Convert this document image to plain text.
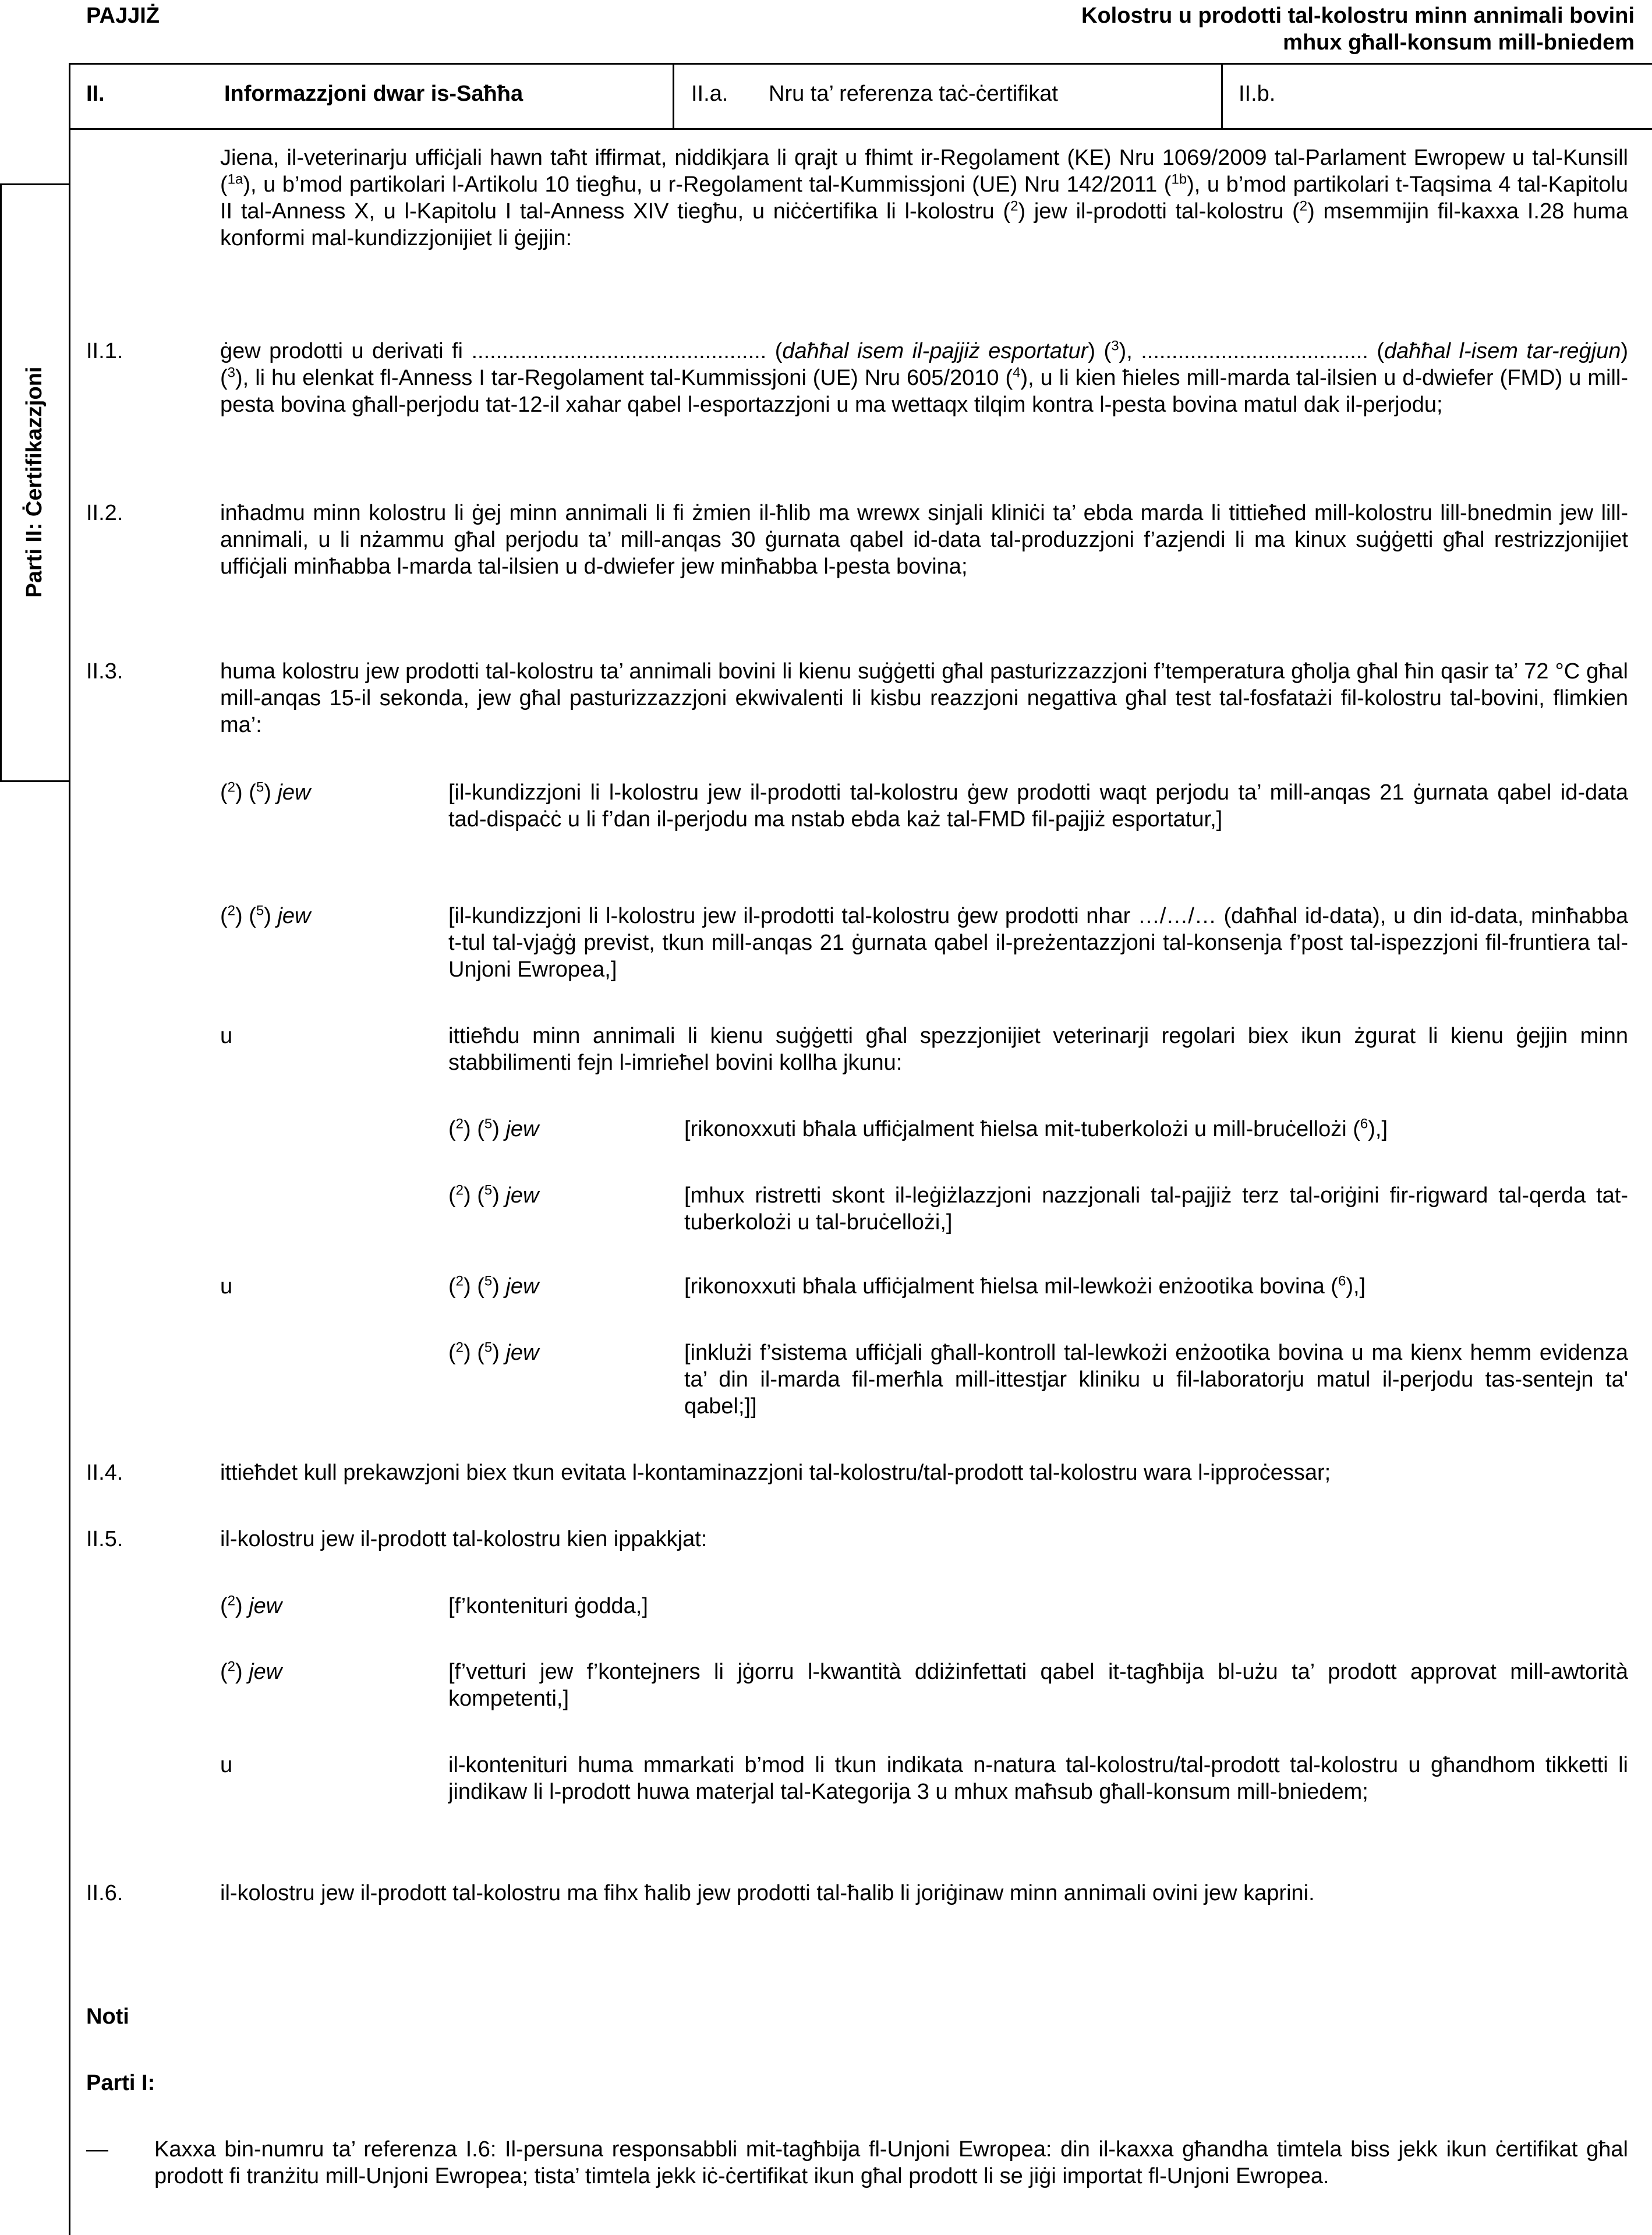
PAJJIŻ	Kolostru u prodotti tal-kolostru minn annimali bovini
mhux għall-konsum mill-bniedem
II.	Informazzjoni dwar is-Saħħa	II.a. Nru ta’ referenza taċ-ċertifikat	II.b.
Parti II: Ċertifikazzjoni
Jiena, il-veterinarju uffiċjali hawn taħt iffirmat, niddikjara li qrajt u fhimt ir-Regolament (KE) Nru 1069/2009 tal-Parlament Ewropew u tal-Kunsill ($^{1a}$), u b’mod partikolari l-Artikolu 10 tiegħu, u r-Regolament tal-Kummissjoni (UE) Nru 142/2011 ($^{1b}$), u b’mod partikolari t-Taqsima 4 tal-Kapitolu II tal-Anness X, u l-Kapitolu I tal-Anness XIV tiegħu, u niċċertifika li l-kolostru ($^2$) jew il-prodotti tal-kolostru ($^2$) msemmijin fil-kaxxa I.28 huma konformi mal-kundizzjonijiet li ġejjin:
II.1.	ġew prodotti u derivati fi ................................................ (daħħal isem il-pajjiż esportatur) ($^3$), ..................................... (daħħal l-isem tar-reġjun) ($^3$), li hu elenkat fl-Anness I tar-Regolament tal-Kummissjoni (UE) Nru 605/2010 ($^4$), u li kien ħieles mill-marda tal-ilsien u d-dwiefer (FMD) u mill-pesta bovina għall-perjodu tat-12-il xahar qabel l-esportazzjoni u ma wettaqx tilqim kontra l-pesta bovina matul dak il-perjodu;
II.2.	inħadmu minn kolostru li ġej minn annimali li fi żmien il-ħlib ma wrewx sinjali kliniċi ta’ ebda marda li tittieħed mill-kolostru lill-bnedmin jew lill-annimali, u li nżammu għal perjodu ta’ mill-anqas 30 ġurnata qabel id-data tal-produzzjoni f’azjendi li ma kinux suġġetti għal restrizzjonijiet uffiċjali minħabba l-marda tal-ilsien u d-dwiefer jew minħabba l-pesta bovina;
II.3.	huma kolostru jew prodotti tal-kolostru ta’ annimali bovini li kienu suġġetti għal pasturizzazzjoni f’temperatura għolja għal ħin qasir ta’ 72 °C għal mill-anqas 15-il sekonda, jew għal pasturizzazzjoni ekwivalenti li kisbu reazzjoni negattiva għal test tal-fosfatażi fil-kolostru tal-bovini, flimkien ma’:
($^2$) ($^5$) jew	[il-kundizzjoni li l-kolostru jew il-prodotti tal-kolostru ġew prodotti waqt perjodu ta’ mill-anqas 21 ġurnata qabel id-data tad-dispaċċ u li f’dan il-perjodu ma nstab ebda każ tal-FMD fil-pajjiż esportatur,]
($^2$) ($^5$) jew	[il-kundizzjoni li l-kolostru jew il-prodotti tal-kolostru ġew prodotti nhar …/…/… (daħħal id-data), u din id-data, minħabba t-tul tal-vjaġġ previst, tkun mill-anqas 21 ġurnata qabel il-preżentazzjoni tal-konsenja f’post tal-ispezzjoni fil-fruntiera tal-Unjoni Ewropea,]
u	ittieħdu minn annimali li kienu suġġetti għal spezzjonijiet veterinarji regolari biex ikun żgurat li kienu ġejjin minn stabbilimenti fejn l-imrieħel bovini kollha jkunu:
($^2$) ($^5$) jew	[rikonoxxuti bħala uffiċjalment ħielsa mit-tuberkolożi u mill-bruċellożi ($^6$),]
($^2$) ($^5$) jew	[mhux ristretti skont il-leġiżlazzjoni nazzjonali tal-pajjiż terz tal-oriġini fir-rigward tal-qerda tat-tuberkolożi u tal-bruċellożi,]
u	($^2$) ($^5$) jew	[rikonoxxuti bħala uffiċjalment ħielsa mil-lewkożi enżootika bovina ($^6$),]
($^2$) ($^5$) jew	[inklużi f’sistema uffiċjali għall-kontroll tal-lewkożi enżootika bovina u ma kienx hemm evidenza ta’ din il-marda fil-merħla mill-ittestjar kliniku u fil-laboratorju matul il-perjodu tas-sentejn ta' qabel;]]
II.4.	ittieħdet kull prekawzjoni biex tkun evitata l-kontaminazzjoni tal-kolostru/tal-prodott tal-kolostru wara l-ipproċessar;
II.5.	il-kolostru jew il-prodott tal-kolostru kien ippakkjat:
($^2$) jew	[f’kontenituri ġodda,]
($^2$) jew	[f’vetturi jew f’kontejners li jġorru l-kwantità ddiżinfettati qabel it-tagħbija bl-użu ta’ prodott approvat mill-awtorità kompetenti,]
u	il-kontenituri huma mmarkati b’mod li tkun indikata n-natura tal-kolostru/tal-prodott tal-kolostru u għandhom tikketti li jindikaw li l-prodott huwa materjal tal-Kategorija 3 u mhux maħsub għall-konsum mill-bniedem;
II.6.	il-kolostru jew il-prodott tal-kolostru ma fihx ħalib jew prodotti tal-ħalib li joriġinaw minn annimali ovini jew kaprini.
Noti
Parti I:
— Kaxxa bin-numru ta’ referenza I.6: Il-persuna responsabbli mit-tagħbija fl-Unjoni Ewropea: din il-kaxxa għandha timtela biss jekk ikun ċertifikat għal prodott fi tranżitu mill-Unjoni Ewropea; tista’ timtela jekk iċ-ċertifikat ikun għal prodott li se jiġi importat fl-Unjoni Ewropea.
